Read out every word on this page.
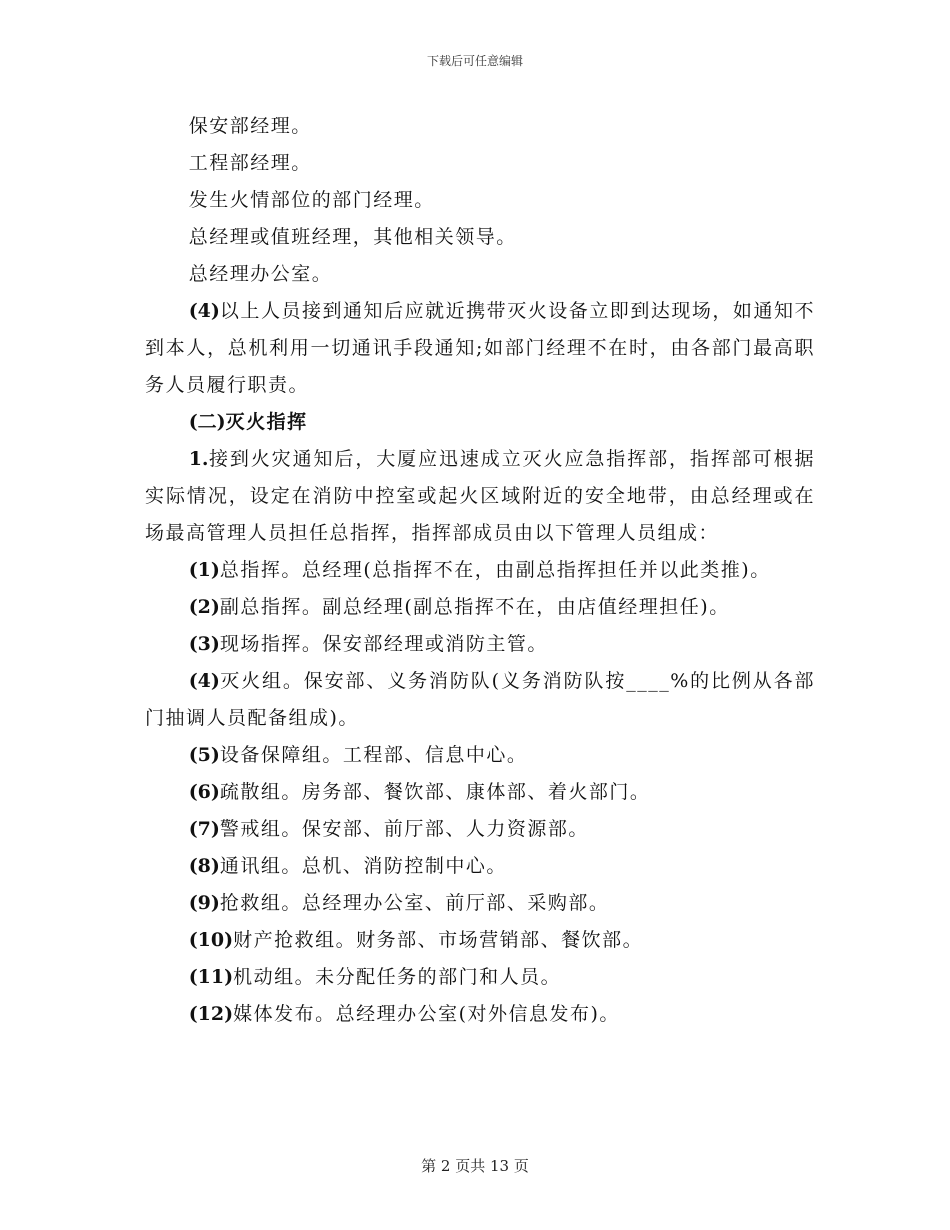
下载后可任意编辑

保安部经理。

工程部经理。

发生火情部位的部门经理。

总经理或值班经理，其他相关领导。

总经理办公室。

(4)以上人员接到通知后应就近携带灭火设备立即到达现场，如通知不到本人，总机利用一切通讯手段通知;如部门经理不在时，由各部门最高职务人员履行职责。

(二)灭火指挥

1.接到火灾通知后，大厦应迅速成立灭火应急指挥部，指挥部可根据实际情况，设定在消防中控室或起火区域附近的安全地带，由总经理或在场最高管理人员担任总指挥，指挥部成员由以下管理人员组成：

(1)总指挥。总经理(总指挥不在，由副总指挥担任并以此类推)。

(2)副总指挥。副总经理(副总指挥不在，由店值经理担任)。

(3)现场指挥。保安部经理或消防主管。

(4)灭火组。保安部、义务消防队(义务消防队按____%的比例从各部门抽调人员配备组成)。

(5)设备保障组。工程部、信息中心。

(6)疏散组。房务部、餐饮部、康体部、着火部门。

(7)警戒组。保安部、前厅部、人力资源部。

(8)通讯组。总机、消防控制中心。

(9)抢救组。总经理办公室、前厅部、采购部。

(10)财产抢救组。财务部、市场营销部、餐饮部。

(11)机动组。未分配任务的部门和人员。

(12)媒体发布。总经理办公室(对外信息发布)。

第 2 页共 13 页
